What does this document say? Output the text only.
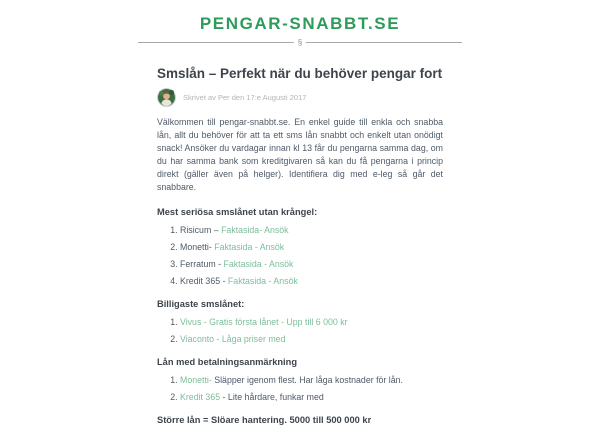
PENGAR-SNABBT.SE
§
Smslån – Perfekt när du behöver pengar fort
Skrivet av Per den 17:e Augusti 2017

Välkommen till pengar-snabbt.se. En enkel guide till enkla och snabba lån, allt du behöver för att ta ett sms lån snabbt och enkelt utan onödigt snack! Ansöker du vardagar innan kl 13 får du pengarna samma dag, om du har samma bank som kreditgivaren så kan du få pengarna i princip direkt (gäller även på helger). Identifiera dig med e-leg så går det snabbare.

Mest seriösa smslånet utan krångel:
1. Risicum – Faktasida- Ansök
2. Monetti- Faktasida - Ansök
3. Ferratum - Faktasida - Ansök
4. Kredit 365 - Faktasida - Ansök
Billigaste smslånet:
1. Vivus - Gratis första lånet - Upp till 6 000 kr
2. Viaconto - Låga priser med
Lån med betalningsanmärkning
1. Monetti- Släpper igenom flest. Har låga kostnader för lån.
2. Kredit 365 - Lite hårdare, funkar med
Större lån = Slöare hantering. 5000 till 500 000 kr
